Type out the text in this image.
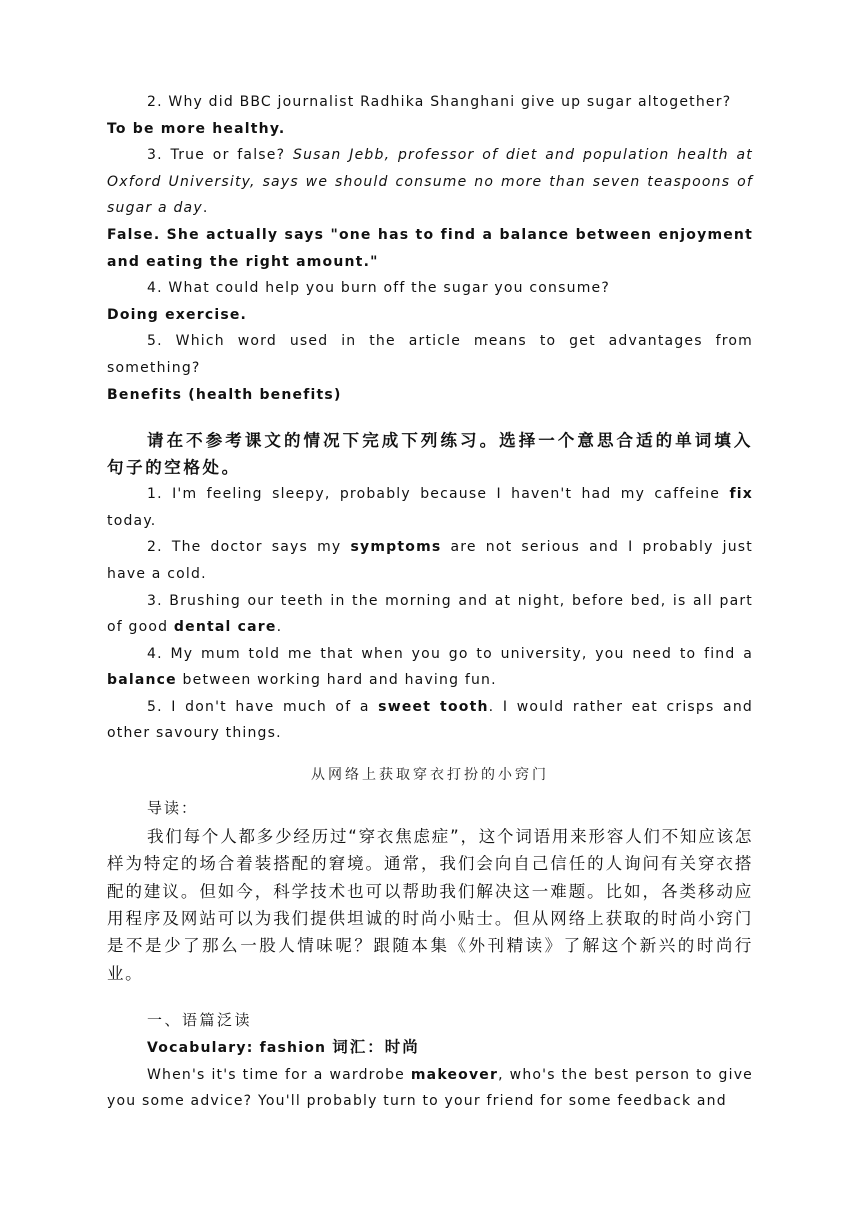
2. Why did BBC journalist Radhika Shanghani give up sugar altogether?

To be more healthy.

3. True or false? Susan Jebb, professor of diet and population health at Oxford University, says we should consume no more than seven teaspoons of sugar a day.

False. She actually says "one has to find a balance between enjoyment and eating the right amount."

4. What could help you burn off the sugar you consume?

Doing exercise.

5. Which word used in the article means to get advantages from something?

Benefits (health benefits)

请在不参考课文的情况下完成下列练习。选择一个意思合适的单词填入句子的空格处。

1. I'm feeling sleepy, probably because I haven't had my caffeine fix today.

2. The doctor says my symptoms are not serious and I probably just have a cold.

3. Brushing our teeth in the morning and at night, before bed, is all part of good dental care.

4. My mum told me that when you go to university, you need to find a balance between working hard and having fun.

5. I don't have much of a sweet tooth. I would rather eat crisps and other savoury things.

从网络上获取穿衣打扮的小窍门

导读：

我们每个人都多少经历过“穿衣焦虑症”，这个词语用来形容人们不知应该怎样为特定的场合着装搭配的窘境。通常，我们会向自己信任的人询问有关穿衣搭配的建议。但如今，科学技术也可以帮助我们解决这一难题。比如，各类移动应用程序及网站可以为我们提供坦诚的时尚小贴士。但从网络上获取的时尚小窍门是不是少了那么一股人情味呢？跟随本集《外刊精读》了解这个新兴的时尚行业。

一、语篇泛读

Vocabulary: fashion 词汇：时尚

When's it's time for a wardrobe makeover, who's the best person to give you some advice? You'll probably turn to your friend for some feedback and
